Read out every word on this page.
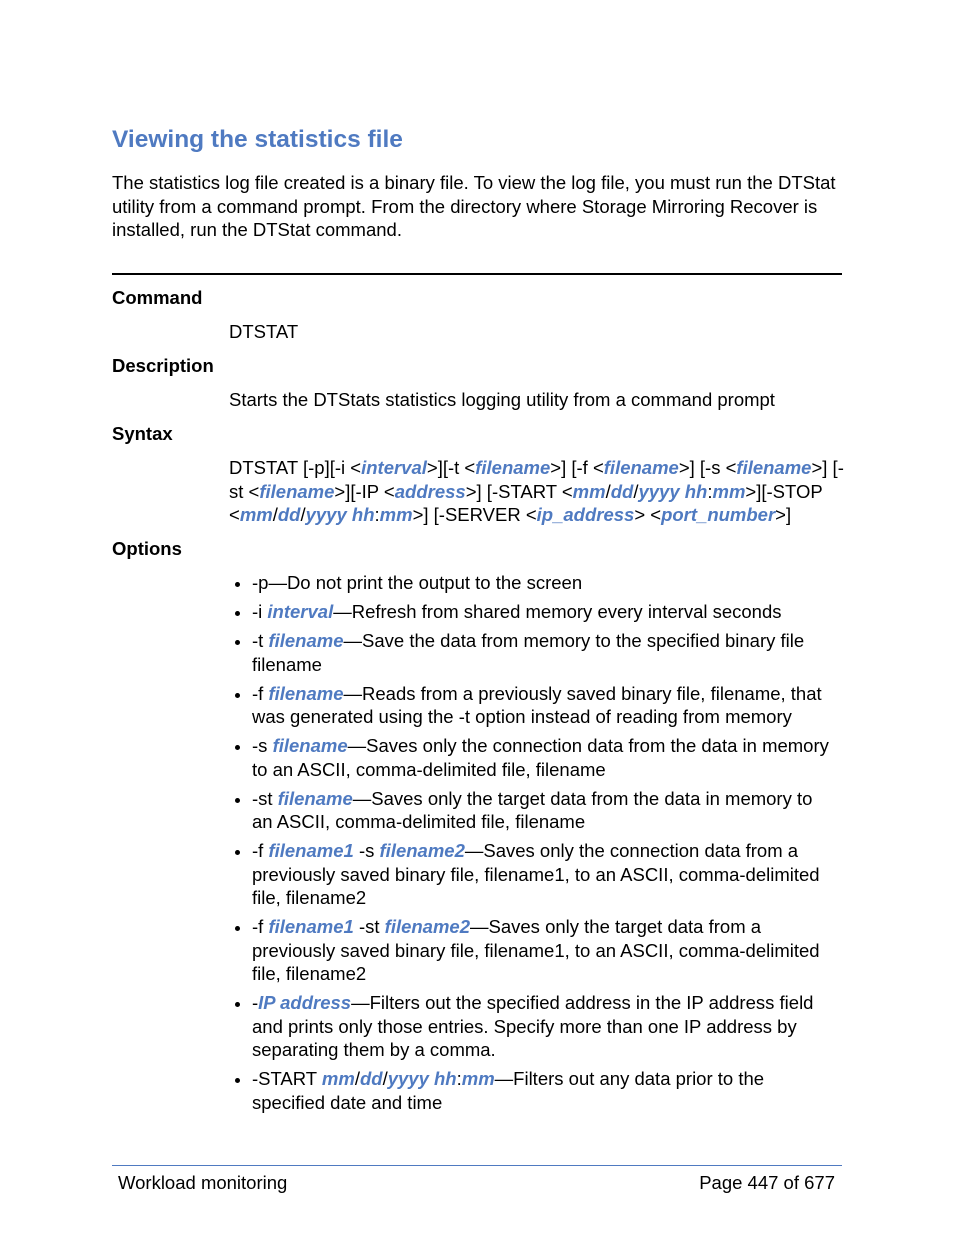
Viewing the statistics file

The statistics log file created is a binary file. To view the log file, you must run the DTStat utility from a command prompt. From the directory where Storage Mirroring Recover is installed, run the DTStat command.

Command
DTSTAT
Description
Starts the DTStats statistics logging utility from a command prompt
Syntax
DTSTAT [-p][-i <interval>][-t <filename>] [-f <filename>] [-s <filename>] [-st <filename>][-IP <address>] [-START <mm/dd/yyyy hh:mm>][-STOP <mm/dd/yyyy hh:mm>] [-SERVER <ip_address> <port_number>]
Options
-p—Do not print the output to the screen
-i interval—Refresh from shared memory every interval seconds
-t filename—Save the data from memory to the specified binary file filename
-f filename—Reads from a previously saved binary file, filename, that was generated using the -t option instead of reading from memory
-s filename—Saves only the connection data from the data in memory to an ASCII, comma-delimited file, filename
-st filename—Saves only the target data from the data in memory to an ASCII, comma-delimited file, filename
-f filename1 -s filename2—Saves only the connection data from a previously saved binary file, filename1, to an ASCII, comma-delimited file, filename2
-f filename1 -st filename2—Saves only the target data from a previously saved binary file, filename1, to an ASCII, comma-delimited file, filename2
-IP address—Filters out the specified address in the IP address field and prints only those entries. Specify more than one IP address by separating them by a comma.
-START mm/dd/yyyy hh:mm—Filters out any data prior to the specified date and time
Workload monitoring	Page 447 of 677
